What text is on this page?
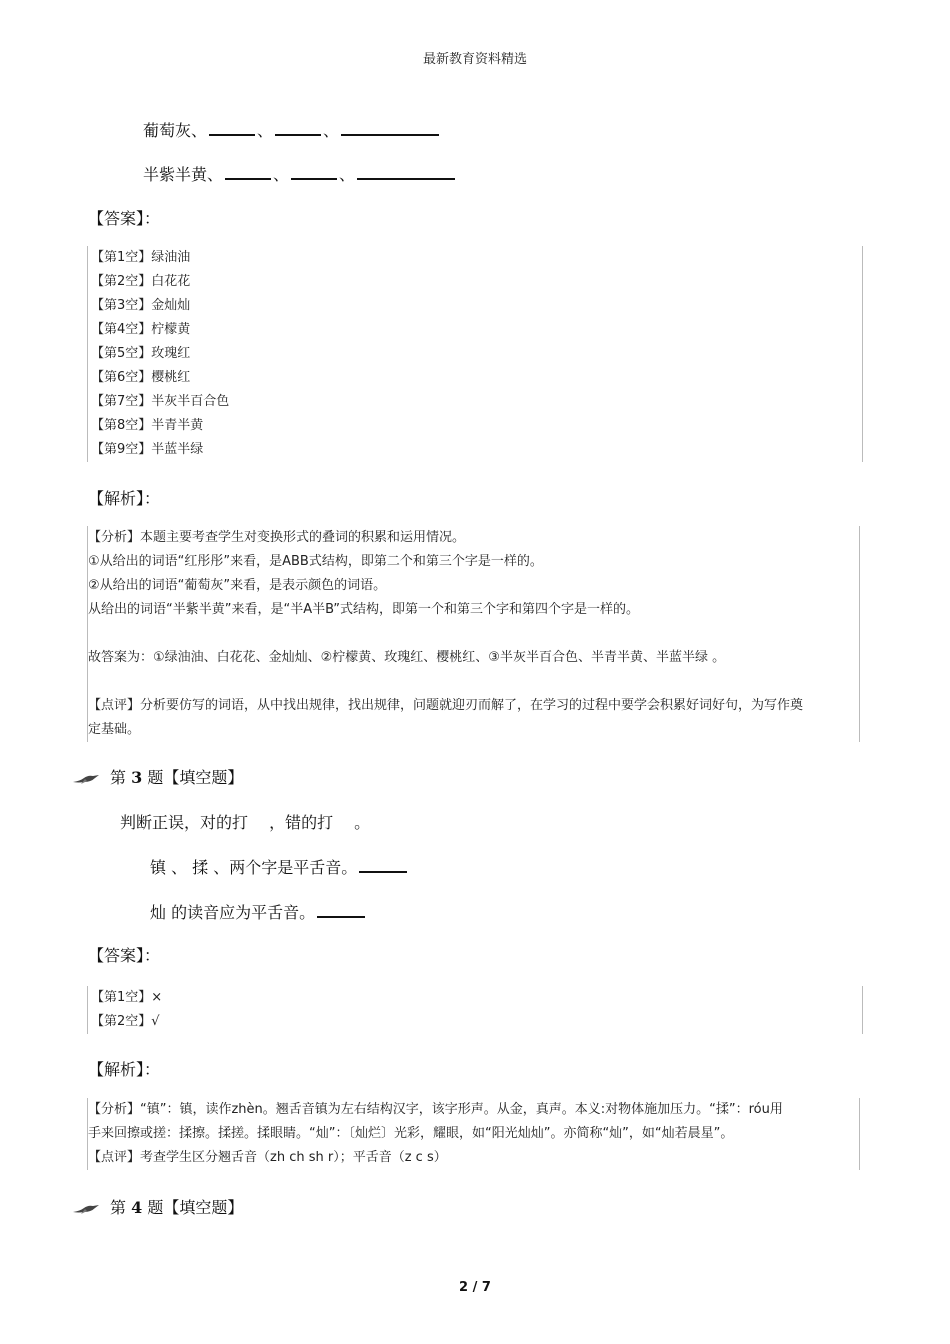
最新教育资料精选
葡萄灰、	、	、
半紫半黄、	、	、
【答案】：
【第1空】绿油油
【第2空】白花花
【第3空】金灿灿
【第4空】柠檬黄
【第5空】玫瑰红
【第6空】樱桃红
【第7空】半灰半百合色
【第8空】半青半黄
【第9空】半蓝半绿
【解析】：
【分析】本题主要考查学生对变换形式的叠词的积累和运用情况。
①从给出的词语“红彤彤”来看，是ABB式结构，即第二个和第三个字是一样的。
②从给出的词语“葡萄灰”来看，是表示颜色的词语。
从给出的词语“半紫半黄”来看，是“半A半B”式结构，即第一个和第三个字和第四个字是一样的。
故答案为：①绿油油、白花花、金灿灿、②柠檬黄、玫瑰红、樱桃红、③半灰半百合色、半青半黄、半蓝半绿 。
【点评】分析要仿写的词语，从中找出规律，找出规律，问题就迎刃而解了，在学习的过程中要学会积累好词好句，为写作奠
定基础。
第 3 题【填空题】
判断正误，对的打　 ，错的打　 。
镇 、 揉 、两个字是平舌音。
灿 的读音应为平舌音。
【答案】：
【第1空】×
【第2空】√
【解析】：
【分析】“镇”：镇，读作zhèn。翘舌音镇为左右结构汉字，该字形声。从金，真声。本义:对物体施加压力。“揉”：róu用
手来回擦或搓：揉擦。揉搓。揉眼睛。“灿”：〔灿烂〕光彩，耀眼，如“阳光灿灿”。亦简称“灿”，如“灿若晨星”。
【点评】考查学生区分翘舌音（zh ch sh r）；平舌音（z c s）
第 4 题【填空题】
2 / 7
